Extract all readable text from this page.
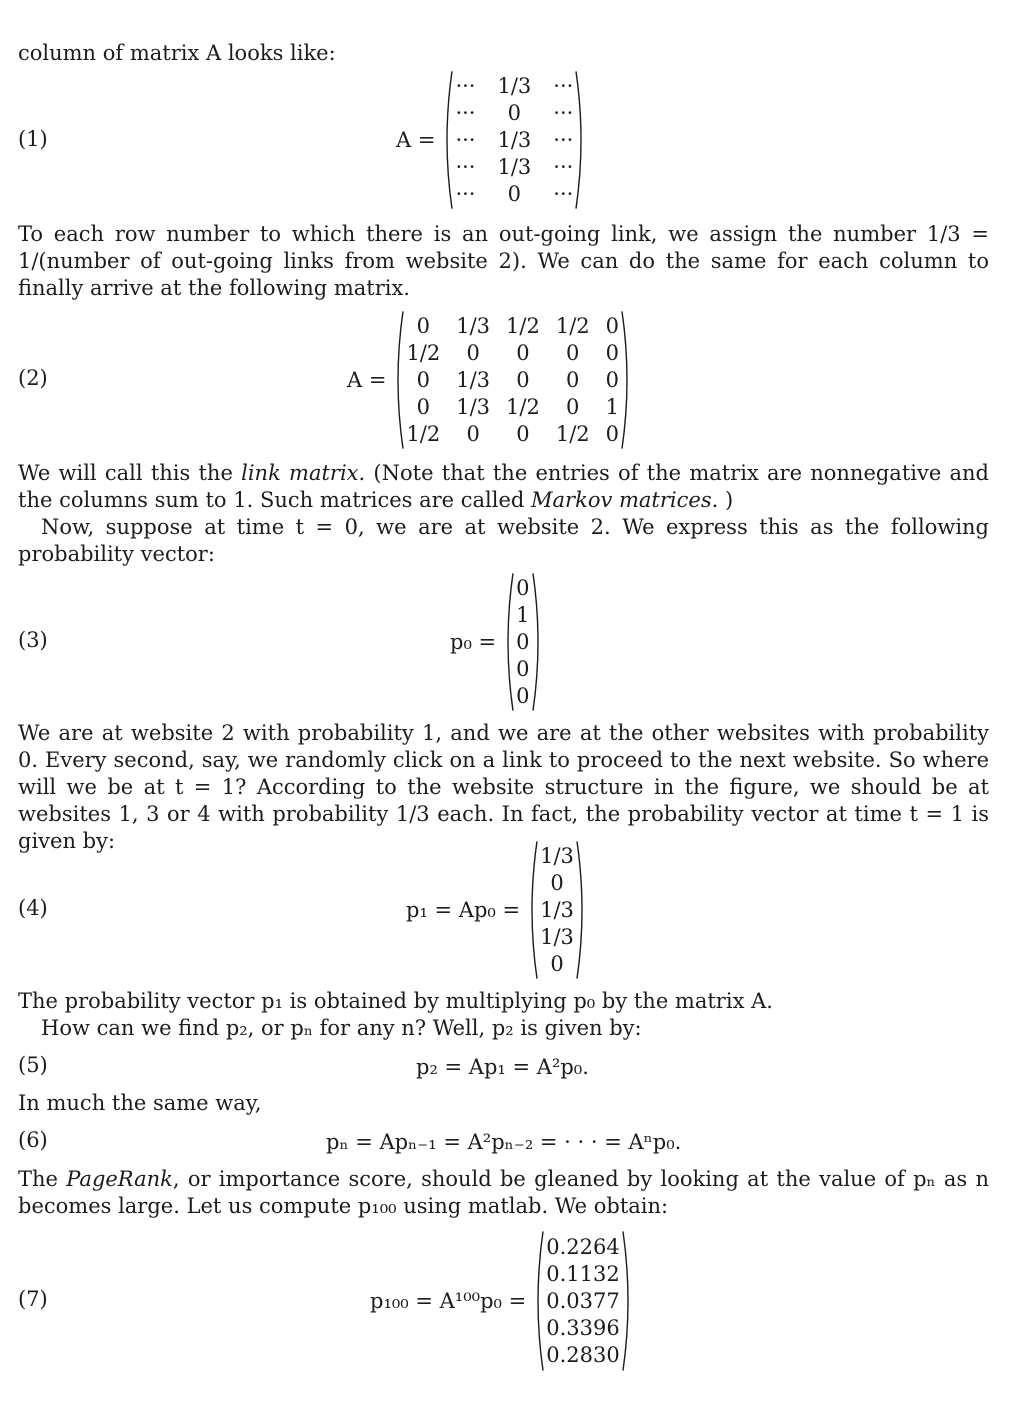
column of matrix A looks like:
(1)	A =
··· 1/3 ···
···	0	···
··· 1/3 ···
··· 1/3 ···
···	0	···
To each row number to which there is an out-going link, we assign the number 1/3 = 1/(number of out-going links from website 2). We can do the same for each column to finally arrive at the following matrix.
(2)	A =
0	1/3 1/2 1/2 0
1/2	0	0	0	0
0	1/3	0	0	0
0	1/3 1/2	0	1
1/2	0	0	1/2 0
We will call this the link matrix. (Note that the entries of the matrix are nonnegative and the columns sum to 1. Such matrices are called Markov matrices. )
Now, suppose at time t = 0, we are at website 2. We express this as the following probability vector:
(3)	p₀ =
0
1
0
0
0
We are at website 2 with probability 1, and we are at the other websites with probability 0. Every second, say, we randomly click on a link to proceed to the next website. So where will we be at t = 1? According to the website structure in the figure, we should be at websites 1, 3 or 4 with probability 1/3 each. In fact, the probability vector at time t = 1 is given by:
(4)	p₁ = Ap₀ =
1/3
0
1/3
1/3
0
The probability vector p₁ is obtained by multiplying p₀ by the matrix A.
How can we find p₂, or pₙ for any n? Well, p₂ is given by:
(5)	p₂ = Ap₁ = A²p₀.
In much the same way,
(6)	pₙ = Apₙ₋₁ = A²pₙ₋₂ = · · · = Aⁿp₀.
The PageRank, or importance score, should be gleaned by looking at the value of pₙ as n becomes large. Let us compute p₁₀₀ using matlab. We obtain:
(7)	p₁₀₀ = A¹⁰⁰p₀ =
0.2264
0.1132
0.0377
0.3396
0.2830
